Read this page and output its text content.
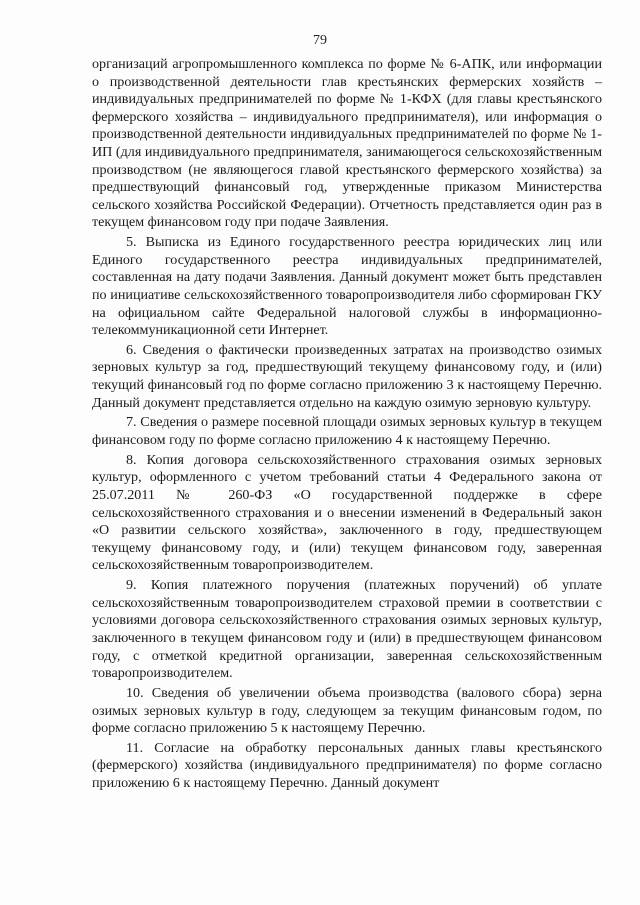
79

организаций агропромышленного комплекса по форме № 6-АПК, или информации о производственной деятельности глав крестьянских фермерских хозяйств – индивидуальных предпринимателей по форме № 1-КФХ (для главы крестьянского фермерского хозяйства – индивидуального предпринимателя), или информация о производственной деятельности индивидуальных предпринимателей по форме № 1-ИП (для индивидуального предпринимателя, занимающегося сельскохозяйственным производством (не являющегося главой крестьянского фермерского хозяйства) за предшествующий финансовый год, утвержденные приказом Министерства сельского хозяйства Российской Федерации). Отчетность представляется один раз в текущем финансовом году при подаче Заявления.

5. Выписка из Единого государственного реестра юридических лиц или Единого государственного реестра индивидуальных предпринимателей, составленная на дату подачи Заявления. Данный документ может быть представлен по инициативе сельскохозяйственного товаропроизводителя либо сформирован ГКУ на официальном сайте Федеральной налоговой службы в информационно-телекоммуникационной сети Интернет.

6. Сведения о фактически произведенных затратах на производство озимых зерновых культур за год, предшествующий текущему финансовому году, и (или) текущий финансовый год по форме согласно приложению 3 к настоящему Перечню. Данный документ представляется отдельно на каждую озимую зерновую культуру.

7. Сведения о размере посевной площади озимых зерновых культур в текущем финансовом году по форме согласно приложению 4 к настоящему Перечню.

8. Копия договора сельскохозяйственного страхования озимых зерновых культур, оформленного с учетом требований статьи 4 Федерального закона от 25.07.2011 № 260-ФЗ «О государственной поддержке в сфере сельскохозяйственного страхования и о внесении изменений в Федеральный закон «О развитии сельского хозяйства», заключенного в году, предшествующем текущему финансовому году, и (или) текущем финансовом году, заверенная сельскохозяйственным товаропроизводителем.

9. Копия платежного поручения (платежных поручений) об уплате сельскохозяйственным товаропроизводителем страховой премии в соответствии с условиями договора сельскохозяйственного страхования озимых зерновых культур, заключенного в текущем финансовом году и (или) в предшествующем финансовом году, с отметкой кредитной организации, заверенная сельскохозяйственным товаропроизводителем.

10. Сведения об увеличении объема производства (валового сбора) зерна озимых зерновых культур в году, следующем за текущим финансовым годом, по форме согласно приложению 5 к настоящему Перечню.

11. Согласие на обработку персональных данных главы крестьянского (фермерского) хозяйства (индивидуального предпринимателя) по форме согласно приложению 6 к настоящему Перечню. Данный документ
